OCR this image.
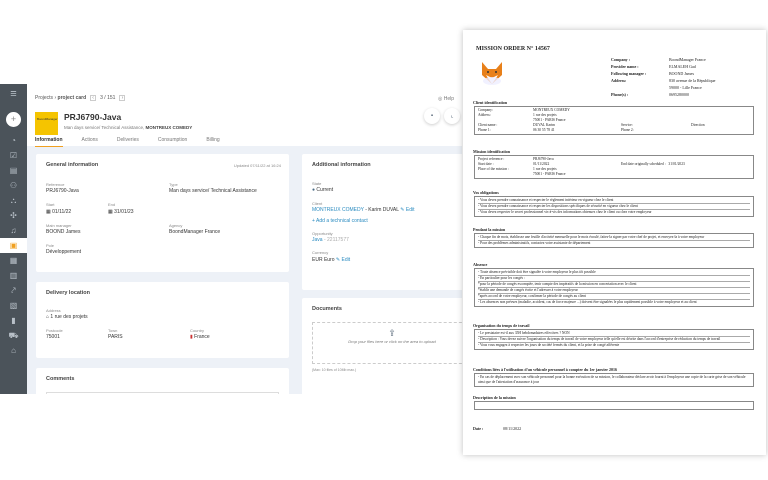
≡
+
◔
☑
▤
⚇
⛬
✣
♫
▣
▦
▥
⤤
▧
▮
⛟
⌂
Projects › project card ‹ 3 / 151 ›
BoondManager PRJ6790-Java
Man days service/ Technical Assistance, MONTREUX COMEDY
Information	Actions	Deliveries	Consumption	Billing
◎ Help
▪	⌞
General information	Updated 07/11/22 at 16:24
Reference
PRJ6790-Java
Type
Man days service/ Technical Assistance
Start
▦ 01/11/22
End
▦ 31/01/23
Main manager
BOOND James
Agency
BoondManager France
Pole
Développement
Delivery location
Address
⌂ 1 rue des projets
Postcode
75001
Town
PARIS
Country
▮ France
Comments
Additional information
State
● Current
Client
MONTREUX COMEDY - Karim DUVAL ✎ Edit
+ Add a technical contact
Opportunity
Java - 22117577
Currency
EUR Euro ✎ Edit
Documents
⇪
Drop your files here or click on the area to upload
(Max: 10 files of 10Mb max.)
MISSION ORDER N° 14567
Company :	BoondManager France
Provider name :	ELMALEH Gad
Following manager :	BOOND James
Address:	830 avenue de la République
59000 - Lille France
Phone(s) :	0695280000
Client identification
Company:	MONTREUX COMEDY
Address:	1 rue des projets
75001 - PARIS France
Client name :	DUVAL Karim	Service:	Direction
Phone 1:	06 30 55 78 41	Phone 2:
Mission identification
Project reference :	PRJ6790-Java
Start date :	01/11/2022	End date originally scheduled : 31/01/2023
Place of the mission :	1 rue des projets
75001 - PARIS France
Vos obligations
- Vous devez prendre connaissance et respecter le règlement intérieur en vigueur chez le client
- Vous devez prendre connaissance et respecter les dispositions spécifiques de sécurité en vigueur chez le client
- Vous devez respecter le secret professionnel vis-à-vis des informations obtenues chez le client ou chez votre employeur
Pendant la mission
- Chaque fin de mois, établissez une feuille d'activité mensuelle pour le mois écoulé, faites-la signer par votre chef de projet, et envoyez-la à votre employeur
- Pour des problèmes administratifs, contactez votre assistante de département
Absence
- Toute absence prévisible doit être signalée à votre employeur le plus tôt possible
- En particulier pour les congés :
*pour la période de congés escomptée, tenir compte des impératifs de la mission en concertation avec le client
*établir une demande de congés écrite et l'adresser à votre employeur
*après accord de votre employeur, confirmer la période de congés au client
- Les absences non prévues (maladie, accident, cas de force majeure ...) doivent être signalées le plus rapidement possible à votre employeur et au client
Organisation du temps de travail
- Le prestataire est-il aux 35H hebdomadaires effectives ? NON
- Description : Vous devez suivre l'organisation du temps de travail de votre employeur telle qu'elle est décrite dans l'accord d'entreprise de réduction du temps de travail
- Vous vous engagez à respecter les jours de société fermés du client, et la prise de congé afférente
Conditions liées à l'utilisation d'un véhicule personnel à compter du 1er janvier 2016
- En cas de déplacement avec son véhicule personnel pour la bonne exécution de sa mission, le collaborateur déclare avoir fourni à l'employeur une copie de la carte grise de son véhicule ainsi que de l'attestation d'assurance à jour
Description de la mission
Date :	08/11/2022
